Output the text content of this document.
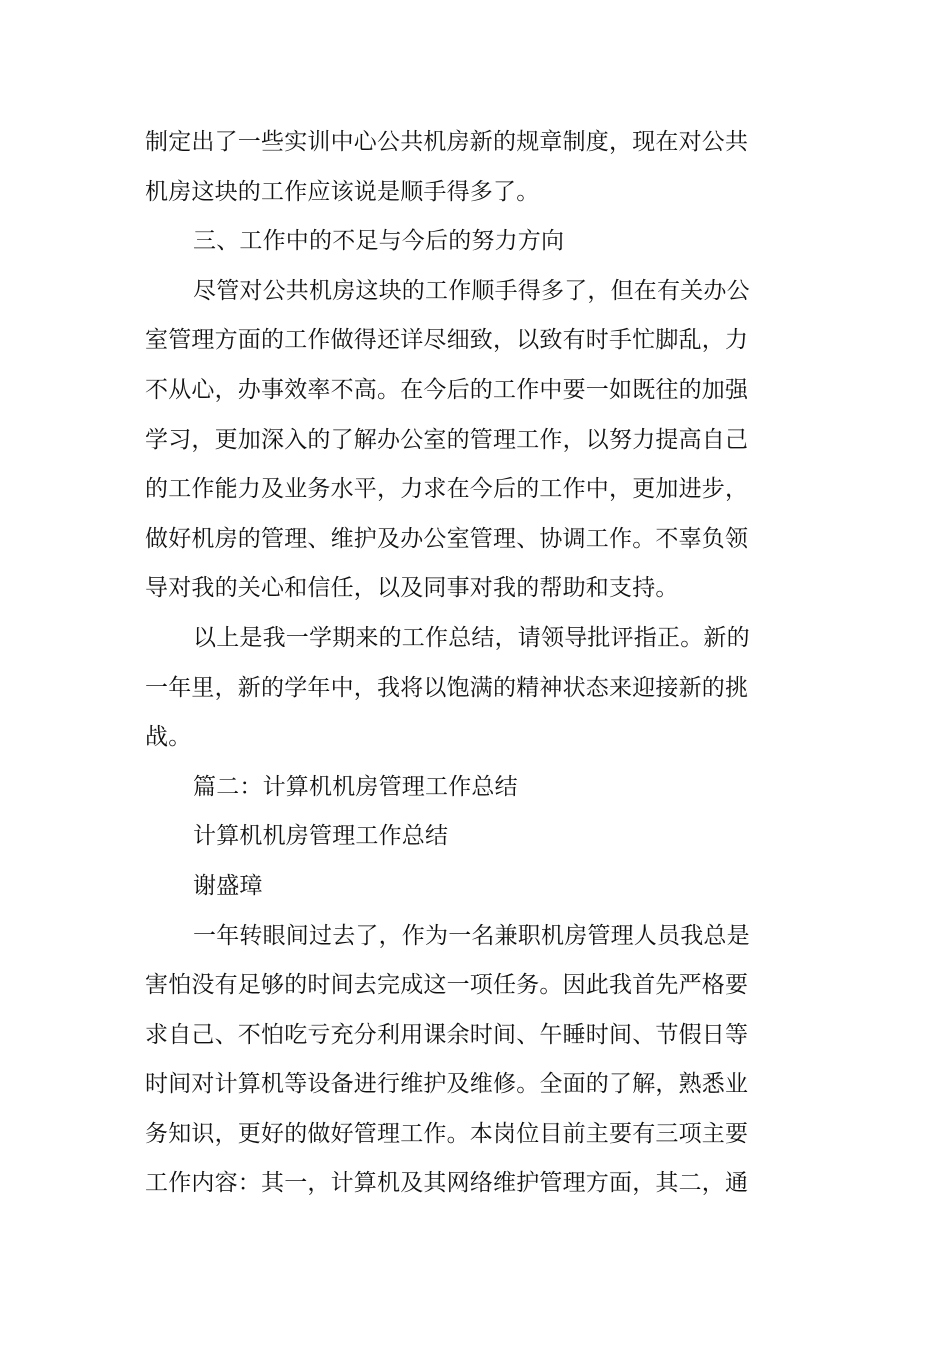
制定出了一些实训中心公共机房新的规章制度，现在对公共
机房这块的工作应该说是顺手得多了。
三、工作中的不足与今后的努力方向
尽管对公共机房这块的工作顺手得多了，但在有关办公
室管理方面的工作做得还详尽细致，以致有时手忙脚乱，力
不从心，办事效率不高。在今后的工作中要一如既往的加强
学习，更加深入的了解办公室的管理工作，以努力提高自己
的工作能力及业务水平，力求在今后的工作中，更加进步，
做好机房的管理、维护及办公室管理、协调工作。不辜负领
导对我的关心和信任，以及同事对我的帮助和支持。
以上是我一学期来的工作总结，请领导批评指正。新的
一年里，新的学年中，我将以饱满的精神状态来迎接新的挑
战。
篇二：计算机机房管理工作总结
计算机机房管理工作总结
谢盛璋
一年转眼间过去了，作为一名兼职机房管理人员我总是
害怕没有足够的时间去完成这一项任务。因此我首先严格要
求自己、不怕吃亏充分利用课余时间、午睡时间、节假日等
时间对计算机等设备进行维护及维修。全面的了解，熟悉业
务知识，更好的做好管理工作。本岗位目前主要有三项主要
工作内容：其一，计算机及其网络维护管理方面，其二，通
